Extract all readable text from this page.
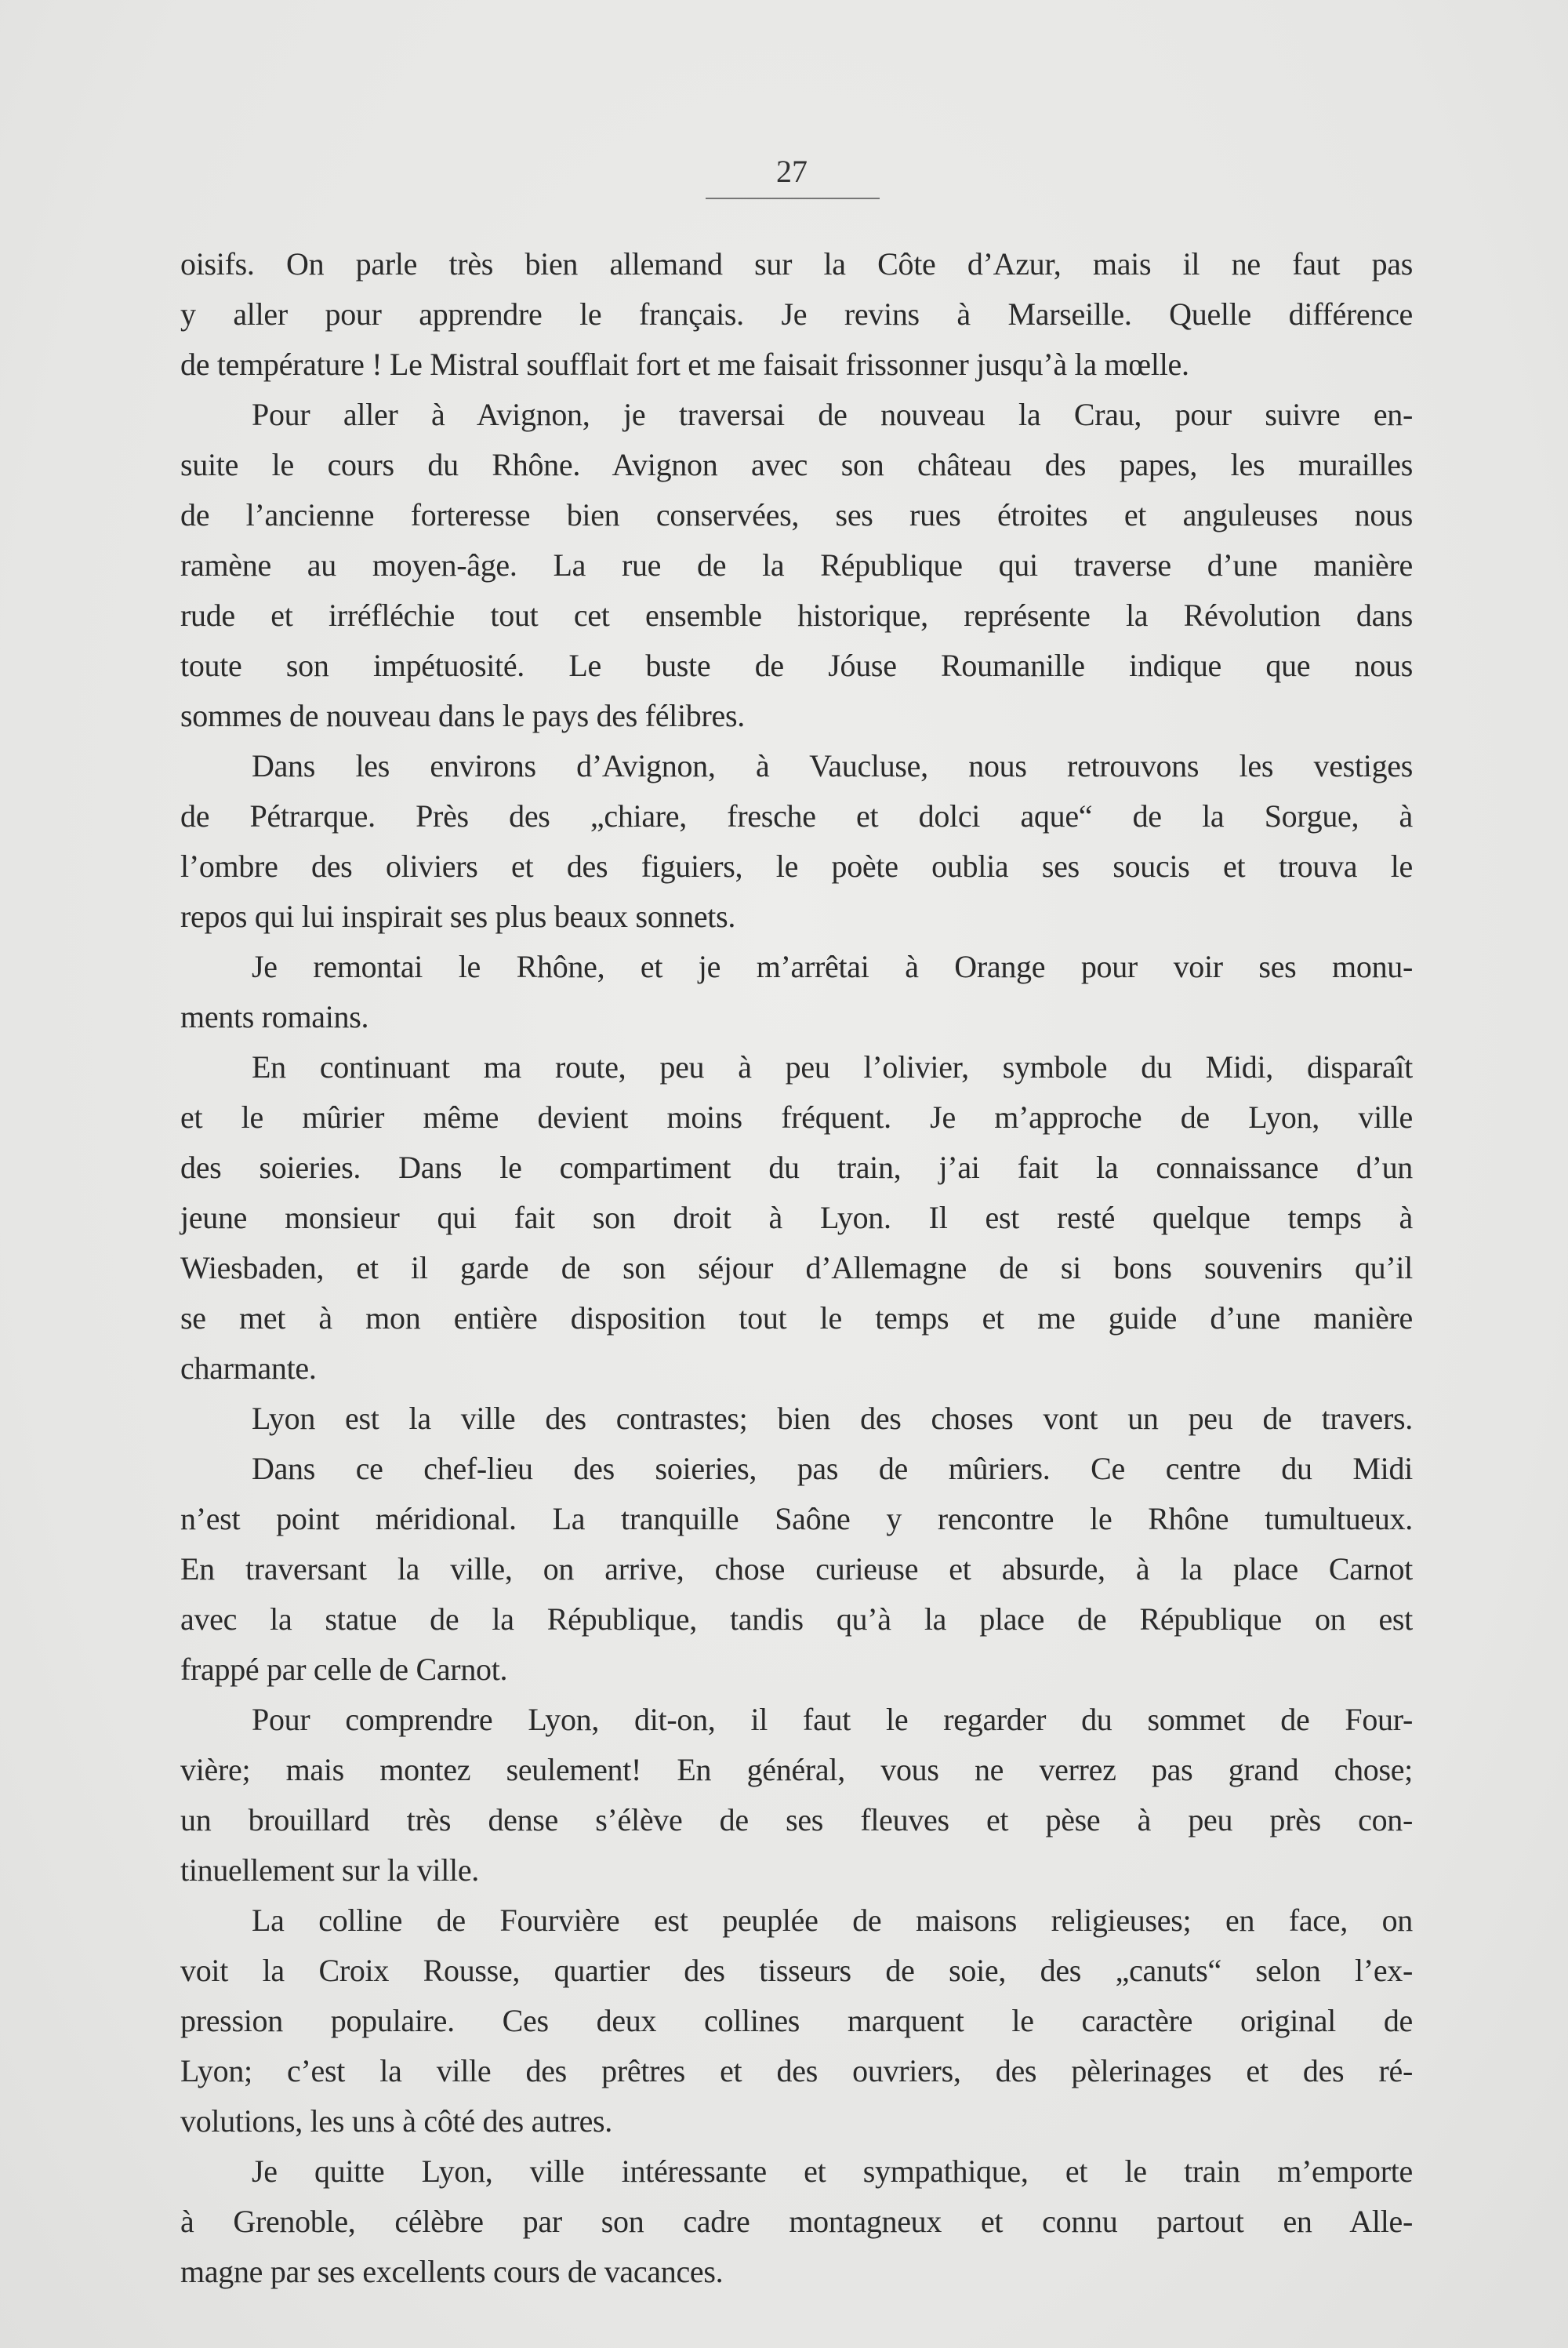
27
oisifs. On parle très bien allemand sur la Côte d’Azur, mais il ne faut pas
y aller pour apprendre le français. Je revins à Marseille. Quelle différence
de température ! Le Mistral soufflait fort et me faisait frissonner jusqu’à la mœlle.
Pour aller à Avignon, je traversai de nouveau la Crau, pour suivre en-
suite le cours du Rhône. Avignon avec son château des papes, les murailles
de l’ancienne forteresse bien conservées, ses rues étroites et anguleuses nous
ramène au moyen-âge. La rue de la République qui traverse d’une manière
rude et irréfléchie tout cet ensemble historique, représente la Révolution dans
toute son impétuosité. Le buste de Jóuse Roumanille indique que nous
sommes de nouveau dans le pays des félibres.
Dans les environs d’Avignon, à Vaucluse, nous retrouvons les vestiges
de Pétrarque. Près des „chiare, fresche et dolci aque“ de la Sorgue, à
l’ombre des oliviers et des figuiers, le poète oublia ses soucis et trouva le
repos qui lui inspirait ses plus beaux sonnets.
Je remontai le Rhône, et je m’arrêtai à Orange pour voir ses monu-
ments romains.
En continuant ma route, peu à peu l’olivier, symbole du Midi, disparaît
et le mûrier même devient moins fréquent. Je m’approche de Lyon, ville
des soieries. Dans le compartiment du train, j’ai fait la connaissance d’un
jeune monsieur qui fait son droit à Lyon. Il est resté quelque temps à
Wiesbaden, et il garde de son séjour d’Allemagne de si bons souvenirs qu’il
se met à mon entière disposition tout le temps et me guide d’une manière
charmante.
Lyon est la ville des contrastes; bien des choses vont un peu de travers.
Dans ce chef-lieu des soieries, pas de mûriers. Ce centre du Midi
n’est point méridional. La tranquille Saône y rencontre le Rhône tumultueux.
En traversant la ville, on arrive, chose curieuse et absurde, à la place Carnot
avec la statue de la République, tandis qu’à la place de République on est
frappé par celle de Carnot.
Pour comprendre Lyon, dit-on, il faut le regarder du sommet de Four-
vière; mais montez seulement! En général, vous ne verrez pas grand chose;
un brouillard très dense s’élève de ses fleuves et pèse à peu près con-
tinuellement sur la ville.
La colline de Fourvière est peuplée de maisons religieuses; en face, on
voit la Croix Rousse, quartier des tisseurs de soie, des „canuts“ selon l’ex-
pression populaire. Ces deux collines marquent le caractère original de
Lyon; c’est la ville des prêtres et des ouvriers, des pèlerinages et des ré-
volutions, les uns à côté des autres.
Je quitte Lyon, ville intéressante et sympathique, et le train m’emporte
à Grenoble, célèbre par son cadre montagneux et connu partout en Alle-
magne par ses excellents cours de vacances.
